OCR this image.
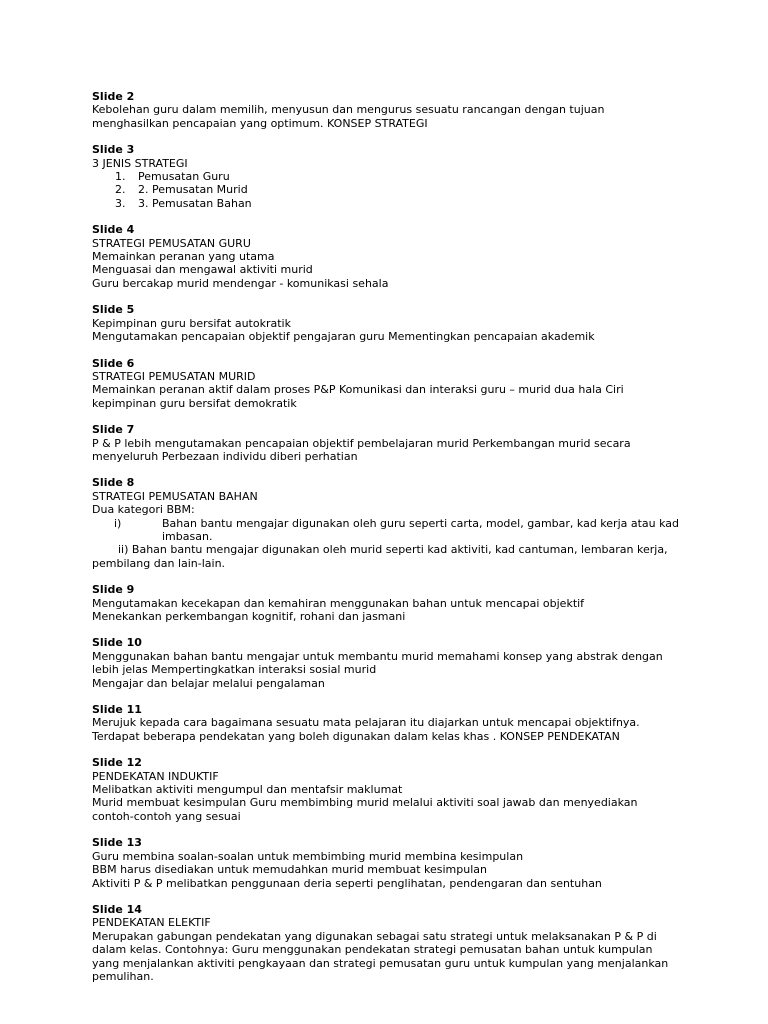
Slide 2
Kebolehan guru dalam memilih, menyusun dan mengurus sesuatu rancangan dengan tujuan menghasilkan pencapaian yang optimum. KONSEP STRATEGI
Slide 3
3 JENIS STRATEGI
1. Pemusatan Guru
2. 2. Pemusatan Murid
3. 3. Pemusatan Bahan
Slide 4
STRATEGI PEMUSATAN GURU
Memainkan peranan yang utama
Menguasai dan mengawal aktiviti murid
Guru bercakap murid mendengar - komunikasi sehala
Slide 5
Kepimpinan guru bersifat autokratik
Mengutamakan pencapaian objektif pengajaran guru Mementingkan pencapaian akademik
Slide 6
STRATEGI PEMUSATAN MURID
Memainkan peranan aktif dalam proses P&P Komunikasi dan interaksi guru – murid dua hala Ciri kepimpinan guru bersifat demokratik
Slide 7
P & P lebih mengutamakan pencapaian objektif pembelajaran murid Perkembangan murid secara menyeluruh Perbezaan individu diberi perhatian
Slide 8
STRATEGI PEMUSATAN BAHAN
Dua kategori BBM:
i)	Bahan bantu mengajar digunakan oleh guru seperti carta, model, gambar, kad kerja atau kad imbasan.
ii) Bahan bantu mengajar digunakan oleh murid seperti kad aktiviti, kad cantuman, lembaran kerja,
pembilang dan lain-lain.
Slide 9
Mengutamakan kecekapan dan kemahiran menggunakan bahan untuk mencapai objektif
Menekankan perkembangan kognitif, rohani dan jasmani
Slide 10
Menggunakan bahan bantu mengajar untuk membantu murid memahami konsep yang abstrak dengan lebih jelas Mempertingkatkan interaksi sosial murid
Mengajar dan belajar melalui pengalaman
Slide 11
Merujuk kepada cara bagaimana sesuatu mata pelajaran itu diajarkan untuk mencapai objektifnya. Terdapat beberapa pendekatan yang boleh digunakan dalam kelas khas . KONSEP PENDEKATAN
Slide 12
PENDEKATAN INDUKTIF
Melibatkan aktiviti mengumpul dan mentafsir maklumat
Murid membuat kesimpulan Guru membimbing murid melalui aktiviti soal jawab dan menyediakan contoh-contoh yang sesuai
Slide 13
Guru membina soalan-soalan untuk membimbing murid membina kesimpulan
BBM harus disediakan untuk memudahkan murid membuat kesimpulan
Aktiviti P & P melibatkan penggunaan deria seperti penglihatan, pendengaran dan sentuhan
Slide 14
PENDEKATAN ELEKTIF
Merupakan gabungan pendekatan yang digunakan sebagai satu strategi untuk melaksanakan P & P di dalam kelas. Contohnya: Guru menggunakan pendekatan strategi pemusatan bahan untuk kumpulan yang menjalankan aktiviti pengkayaan dan strategi pemusatan guru untuk kumpulan yang menjalankan pemulihan.
